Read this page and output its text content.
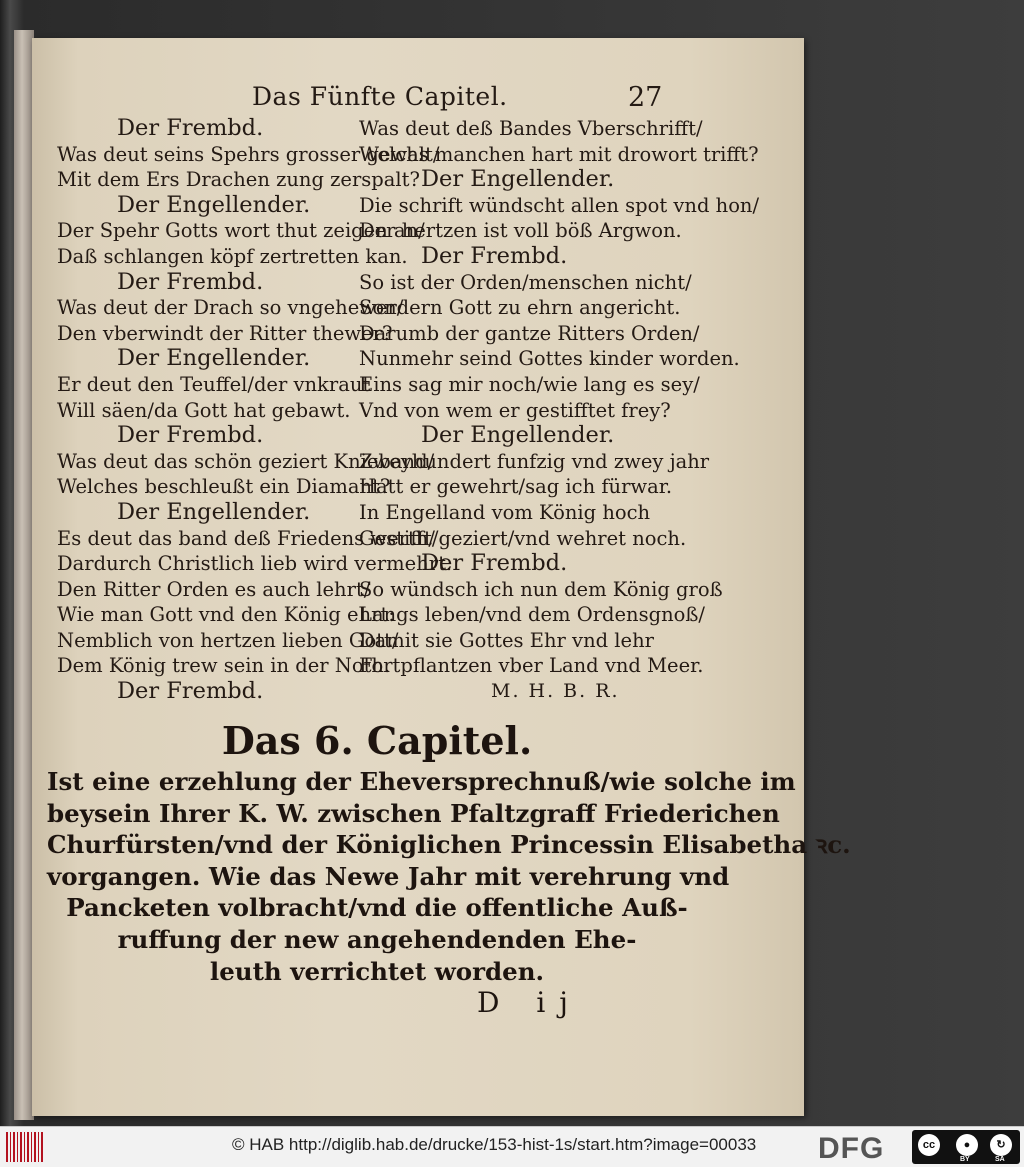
Das Fünfte Capitel.	27
Der Frembd.
Was deut seins Spehrs grosser gewalt/
Mit dem Ers Drachen zung zerspalt?
Der Engellender.
Der Spehr Gotts wort thut zeigen an/
Daß schlangen köpf zertretten kan.
Der Frembd.
Was deut der Drach so vngehewer/
Den vberwindt der Ritter thewer?
Der Engellender.
Er deut den Teuffel/der vnkraut
Will säen/da Gott hat gebawt.
Der Frembd.
Was deut das schön geziert Knieband/
Welches beschleußt ein Diamant?
Der Engellender.
Es deut das band deß Friedens werth/
Dardurch Christlich lieb wird vermehrt.
Den Ritter Orden es auch lehrt/
Wie man Gott vnd den König ehrt:
Nemblich von hertzen lieben Gott/
Dem König trew sein in der Noth.
Der Frembd.
Was deut deß Bandes Vberschrifft/
Welchs manchen hart mit drowort trifft?
Der Engellender.
Die schrift wündscht allen spot vnd hon/
Der hertzen ist voll böß Argwon.
Der Frembd.
So ist der Orden/menschen nicht/
Sondern Gott zu ehrn angericht.
Darumb der gantze Ritters Orden/
Nunmehr seind Gottes kinder worden.
Eins sag mir noch/wie lang es sey/
Vnd von wem er gestifftet frey?
Der Engellender.
Zweyhundert funfzig vnd zwey jahr
Hatt er gewehrt/sag ich fürwar.
In Engelland vom König hoch
Gestifft/geziert/vnd wehret noch.
Der Frembd.
So wündsch ich nun dem König groß
Langs leben/vnd dem Ordensgnoß/
Damit sie Gottes Ehr vnd lehr
Fortpflantzen vber Land vnd Meer.
M. H. B. R.
Das 6. Capitel.
Ist eine erzehlung der Eheversprechnuß/wie solche im
beysein Ihrer K. W. zwischen Pfaltzgraff Friederichen
Churfürsten/vnd der Königlichen Princessin Elisabetha ꝛc.
vorgangen. Wie das Newe Jahr mit verehrung vnd
Pancketen volbracht/vnd die offentliche Auß-
ruffung der new angehendenden Ehe-
leuth verrichtet worden.
D ij
© HAB http://diglib.hab.de/drucke/153-hist-1s/start.htm?image=00033 DFG	cc	●	↻
BY	SA
